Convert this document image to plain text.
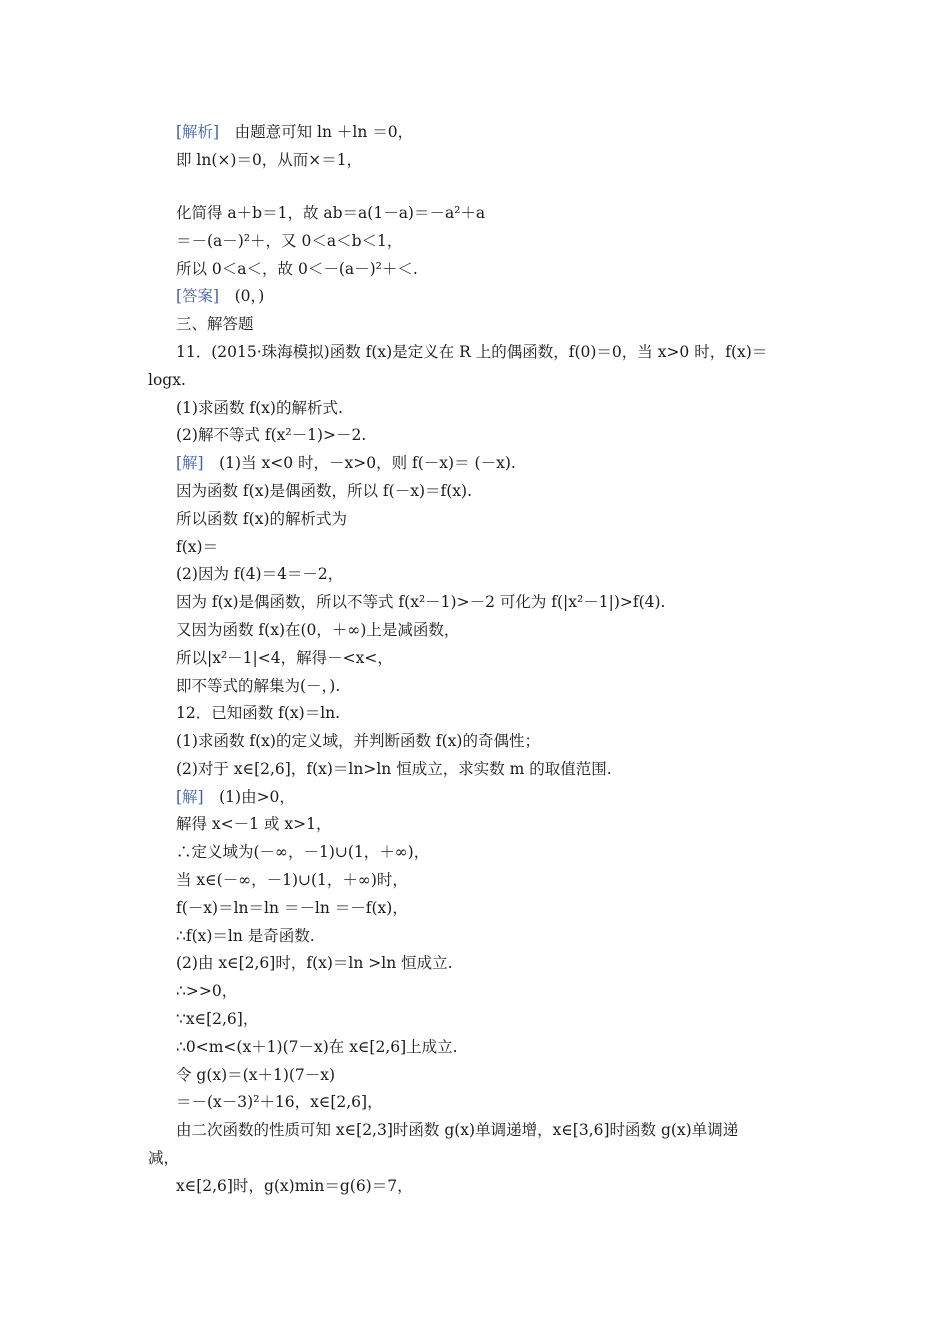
[解析]　由题意可知 ln ＋ln ＝0，
即 ln(×)＝0，从而×＝1，
化简得 a＋b＝1，故 ab＝a(1－a)＝－a²＋a
＝－(a－)²＋，又 0＜a＜b＜1，
所以 0＜a＜，故 0＜－(a－)²＋＜.
[答案]　(0，)
三、解答题
11．(2015·珠海模拟)函数 f(x)是定义在 R 上的偶函数，f(0)＝0，当 x>0 时，f(x)＝
logx.
(1)求函数 f(x)的解析式.
(2)解不等式 f(x²－1)>－2.
[解]　(1)当 x<0 时，－x>0，则 f(－x)＝ (－x).
因为函数 f(x)是偶函数，所以 f(－x)＝f(x).
所以函数 f(x)的解析式为
f(x)＝
(2)因为 f(4)＝4＝－2，
因为 f(x)是偶函数，所以不等式 f(x²－1)>－2 可化为 f(|x²－1|)>f(4).
又因为函数 f(x)在(0，＋∞)上是减函数，
所以|x²－1|<4，解得－<x<，
即不等式的解集为(－，).
12．已知函数 f(x)＝ln.
(1)求函数 f(x)的定义域，并判断函数 f(x)的奇偶性；
(2)对于 x∈[2,6]，f(x)＝ln>ln 恒成立，求实数 m 的取值范围.
[解]　(1)由>0，
解得 x<－1 或 x>1，
∴定义域为(－∞，－1)∪(1，＋∞)，
当 x∈(－∞，－1)∪(1，＋∞)时，
f(－x)＝ln＝ln ＝－ln ＝－f(x)，
∴f(x)＝ln 是奇函数.
(2)由 x∈[2,6]时，f(x)＝ln >ln 恒成立.
∴>>0，
∵x∈[2,6]，
∴0<m<(x＋1)(7－x)在 x∈[2,6]上成立.
令 g(x)＝(x＋1)(7－x)
＝－(x－3)²＋16，x∈[2,6]，
由二次函数的性质可知 x∈[2,3]时函数 g(x)单调递增，x∈[3,6]时函数 g(x)单调递
减，
x∈[2,6]时，g(x)min＝g(6)＝7，
